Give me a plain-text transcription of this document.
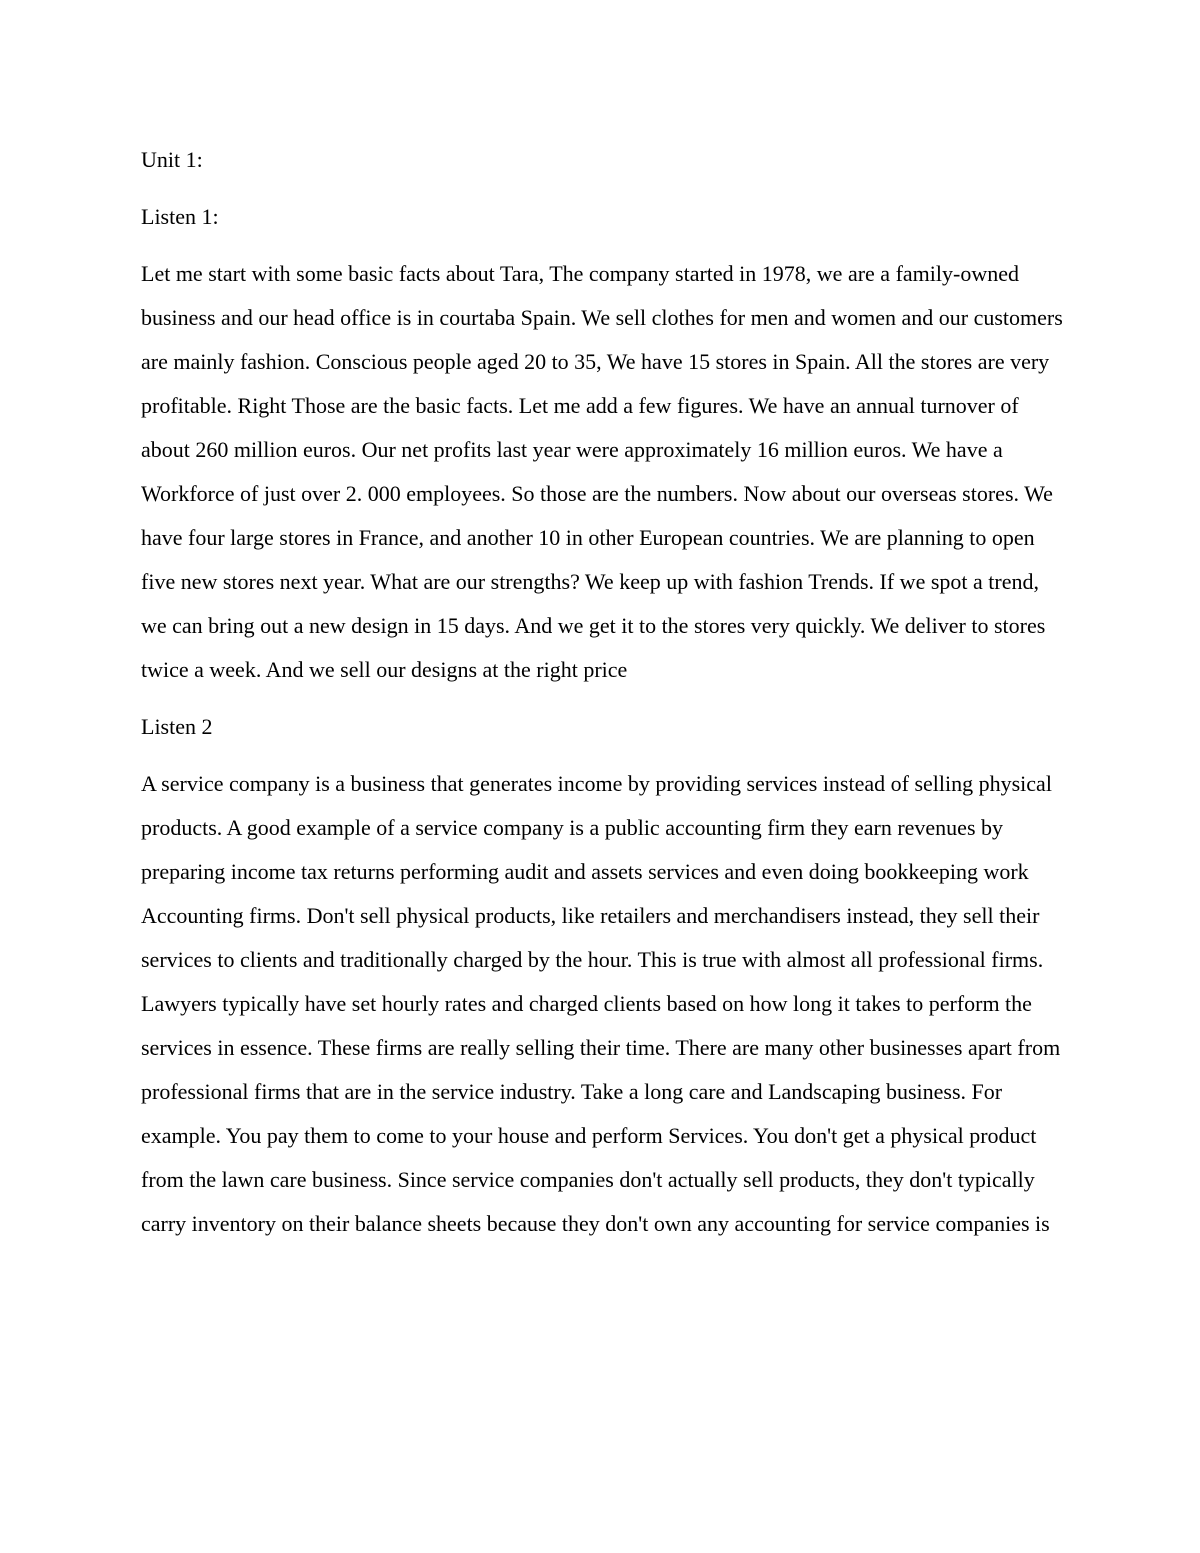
Unit 1:
Listen 1:
Let me start with some basic facts about Tara, The company started in 1978, we are a family-owned business and our head office is in courtaba Spain. We sell clothes for men and women and our customers are mainly fashion. Conscious people aged 20 to 35, We have 15 stores in Spain. All the stores are very profitable. Right Those are the basic facts. Let me add a few figures. We have an annual turnover of about 260 million euros. Our net profits last year were approximately 16 million euros. We have a Workforce of just over 2. 000 employees. So those are the numbers. Now about our overseas stores. We have four large stores in France, and another 10 in other European countries. We are planning to open five new stores next year. What are our strengths? We keep up with fashion Trends. If we spot a trend, we can bring out a new design in 15 days. And we get it to the stores very quickly. We deliver to stores twice a week. And we sell our designs at the right price
Listen 2
A service company is a business that generates income by providing services instead of selling physical products. A good example of a service company is a public accounting firm they earn revenues by preparing income tax returns performing audit and assets services and even doing bookkeeping work Accounting firms. Don't sell physical products, like retailers and merchandisers instead, they sell their services to clients and traditionally charged by the hour. This is true with almost all professional firms. Lawyers typically have set hourly rates and charged clients based on how long it takes to perform the services in essence. These firms are really selling their time. There are many other businesses apart from professional firms that are in the service industry. Take a long care and Landscaping business. For example. You pay them to come to your house and perform Services. You don't get a physical product from the lawn care business. Since service companies don't actually sell products, they don't typically carry inventory on their balance sheets because they don't own any accounting for service companies is
